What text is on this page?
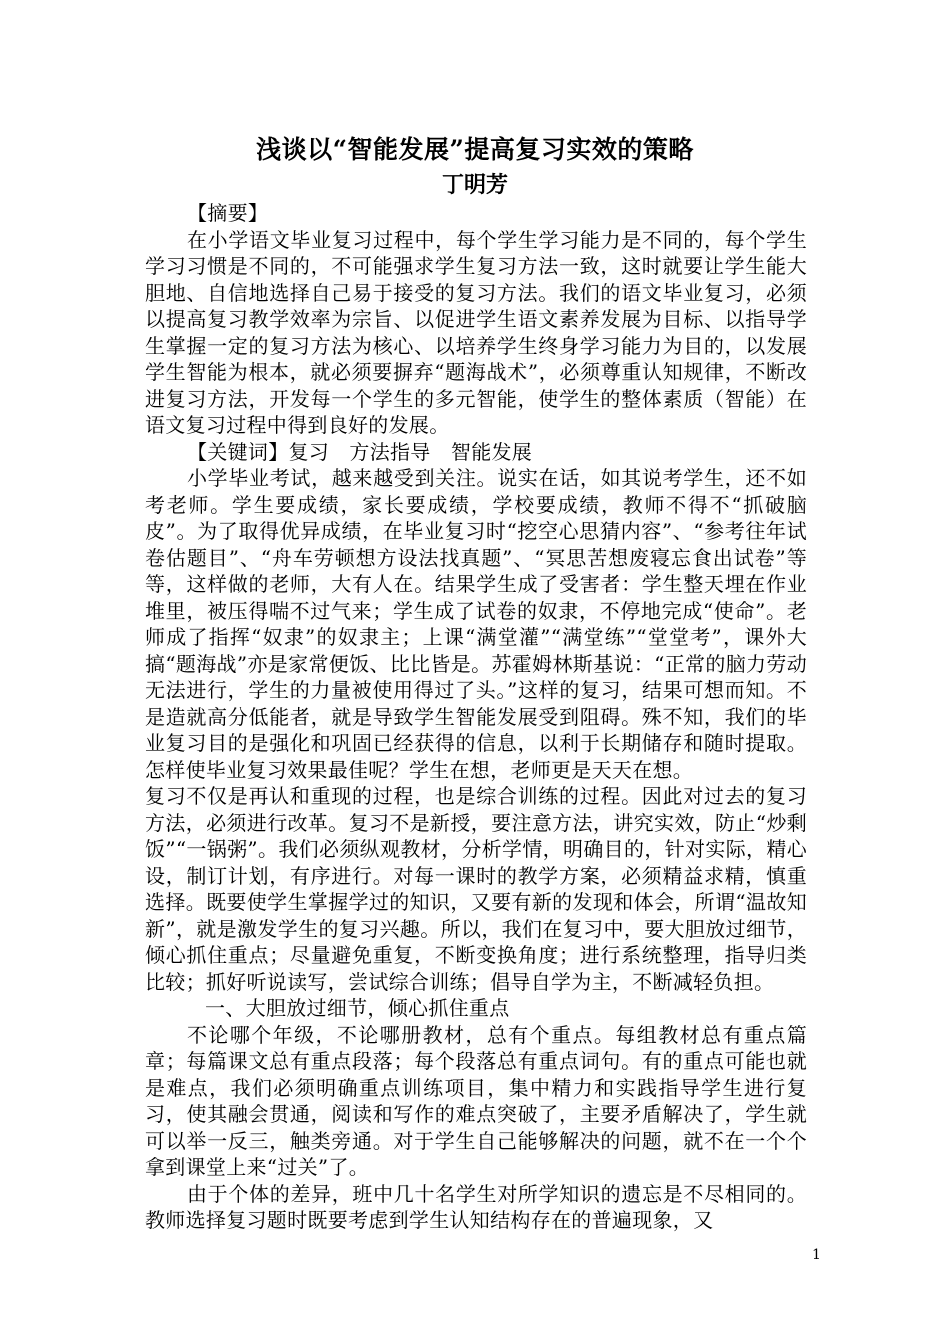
浅谈以“智能发展”提高复习实效的策略
丁明芳

【摘要】

在小学语文毕业复习过程中，每个学生学习能力是不同的，每个学生学习习惯是不同的，不可能强求学生复习方法一致，这时就要让学生能大胆地、自信地选择自己易于接受的复习方法。我们的语文毕业复习，必须以提高复习教学效率为宗旨、以促进学生语文素养发展为目标、以指导学生掌握一定的复习方法为核心、以培养学生终身学习能力为目的，以发展学生智能为根本，就必须要摒弃“题海战术”，必须尊重认知规律，不断改进复习方法，开发每一个学生的多元智能，使学生的整体素质（智能）在语文复习过程中得到良好的发展。

【关键词】复习　方法指导　智能发展

小学毕业考试，越来越受到关注。说实在话，如其说考学生，还不如考老师。学生要成绩，家长要成绩，学校要成绩，教师不得不“抓破脑皮”。为了取得优异成绩，在毕业复习时“挖空心思猜内容”、“参考往年试卷估题目”、“舟车劳顿想方设法找真题”、“冥思苦想废寝忘食出试卷”等等，这样做的老师，大有人在。结果学生成了受害者：学生整天埋在作业堆里，被压得喘不过气来；学生成了试卷的奴隶，不停地完成“使命”。老师成了指挥“奴隶”的奴隶主；上课“满堂灌”“满堂练”“堂堂考”，课外大搞“题海战”亦是家常便饭、比比皆是。苏霍姆林斯基说：“正常的脑力劳动无法进行，学生的力量被使用得过了头。”这样的复习，结果可想而知。不是造就高分低能者，就是导致学生智能发展受到阻碍。殊不知，我们的毕业复习目的是强化和巩固已经获得的信息，以利于长期储存和随时提取。怎样使毕业复习效果最佳呢？学生在想，老师更是天天在想。

复习不仅是再认和重现的过程，也是综合训练的过程。因此对过去的复习方法，必须进行改革。复习不是新授，要注意方法，讲究实效，防止“炒剩饭”“一锅粥”。我们必须纵观教材，分析学情，明确目的，针对实际，精心设，制订计划，有序进行。对每一课时的教学方案，必须精益求精，慎重选择。既要使学生掌握学过的知识，又要有新的发现和体会，所谓“温故知新”，就是激发学生的复习兴趣。所以，我们在复习中，要大胆放过细节，倾心抓住重点；尽量避免重复，不断变换角度；进行系统整理，指导归类比较；抓好听说读写，尝试综合训练；倡导自学为主，不断减轻负担。

一、大胆放过细节，倾心抓住重点

不论哪个年级，不论哪册教材，总有个重点。每组教材总有重点篇章；每篇课文总有重点段落；每个段落总有重点词句。有的重点可能也就是难点，我们必须明确重点训练项目，集中精力和实践指导学生进行复习，使其融会贯通，阅读和写作的难点突破了，主要矛盾解决了，学生就可以举一反三，触类旁通。对于学生自己能够解决的问题，就不在一个个拿到课堂上来“过关”了。

由于个体的差异，班中几十名学生对所学知识的遗忘是不尽相同的。教师选择复习题时既要考虑到学生认知结构存在的普遍现象，又

1
